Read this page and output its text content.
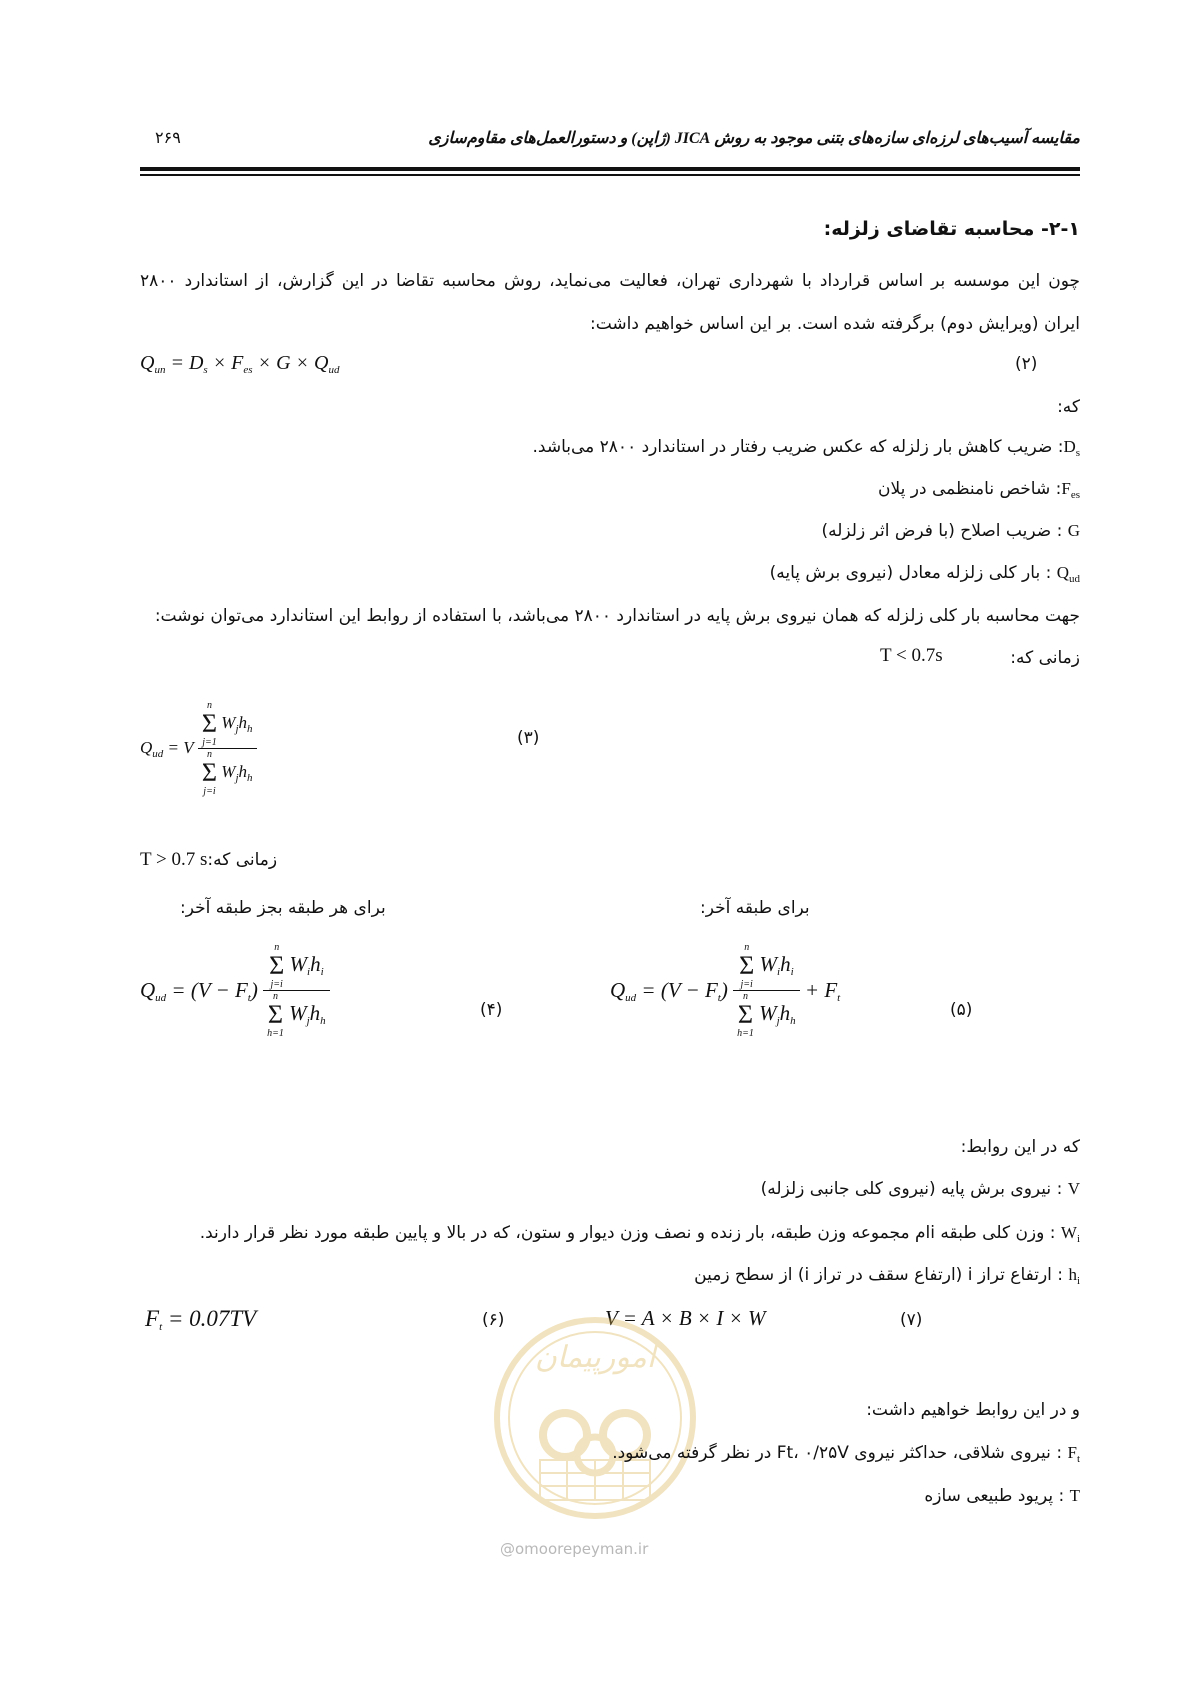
مقایسه آسیب‌های لرزه‌ای سازه‌های بتنی موجود به روش JICA (ژاپن) و دستورالعمل‌های مقاوم‌سازی
۲۶۹
۲-۱- محاسبه تقاضای زلزله:
چون این موسسه بر اساس قرارداد با شهرداری تهران، فعالیت می‌نماید، روش محاسبه تقاضا در این گزارش، از استاندارد ۲۸۰۰
ایران (ویرایش دوم) برگرفته شده است. بر این اساس خواهیم داشت:
$Q_{un} = D_s \times F_{es} \times G \times Q_{ud}$	(۲)
که:
$D_s$: ضریب کاهش بار زلزله که عکس ضریب رفتار در استاندارد ۲۸۰۰ می‌باشد.
$F_{es}$: شاخص نامنظمی در پلان
G : ضریب اصلاح (با فرض اثر زلزله)
$Q_{ud}$ : بار کلی زلزله معادل (نیروی برش پایه)
جهت محاسبه بار کلی زلزله که همان نیروی برش پایه در استاندارد ۲۸۰۰ می‌باشد، با استفاده از روابط این استاندارد می‌توان نوشت:
زمانی که:
T < 0.7s
$Q_{ud} = V$ n
Σ
j=1
$W_jh_h$
n
Σ
j=i
$W_jh_h$	(۳)
T > 0.7 sزمانی که:
برای هر طبقه بجز طبقه آخر:	برای طبقه آخر:
$Q_{ud} = (V - F_t)$ n
Σ
j=i
$W_ih_i$
n
Σ
h=1
$W_jh_h$	(۴)
$Q_{ud} = (V - F_t)$ n
Σ
j=i
$W_ih_i$
n
Σ
h=1
$W_jh_h + F_t$
(۵)
که در این روابط:
V : نیروی برش پایه (نیروی کلی جانبی زلزله)
$W_i$ : وزن کلی طبقه iام مجموعه وزن طبقه، بار زنده و نصف وزن دیوار و ستون، که در بالا و پایین طبقه مورد نظر قرار دارند.
$h_i$ : ارتفاع تراز i (ارتفاع سقف در تراز i) از سطح زمین
$F_t = 0.07TV$	(۶)	V = A × B × I × W	(۷)
امورپیمان
و در این روابط خواهیم داشت:
$F_t$ : نیروی شلاقی، حداکثر نیروی Ft، ۰/۲۵V در نظر گرفته می‌شود.
T : پریود طبیعی سازه
@omoorepeyman.ir
